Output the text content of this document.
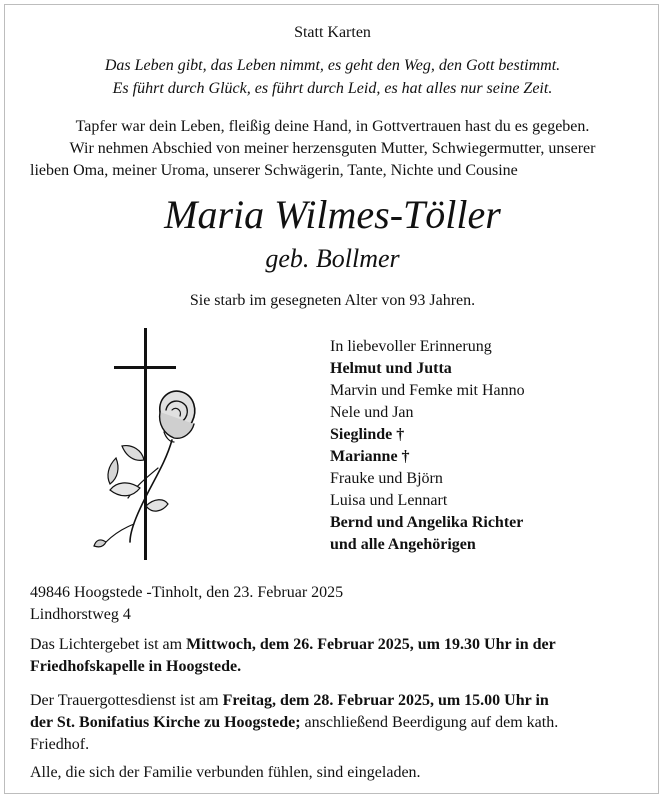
Statt Karten
Das Leben gibt, das Leben nimmt, es geht den Weg, den Gott bestimmt.
Es führt durch Glück, es führt durch Leid, es hat alles nur seine Zeit.
Tapfer war dein Leben, fleißig deine Hand, in Gottvertrauen hast du es gegeben.
Wir nehmen Abschied von meiner herzensguten Mutter, Schwiegermutter, unserer
lieben Oma, meiner Uroma, unserer Schwägerin, Tante, Nichte und Cousine
Maria Wilmes-Töller
geb. Bollmer
Sie starb im gesegneten Alter von 93 Jahren.
In liebevoller Erinnerung
Helmut und Jutta
Marvin und Femke mit Hanno
Nele und Jan
Sieglinde †
Marianne †
Frauke und Björn
Luisa und Lennart
Bernd und Angelika Richter
und alle Angehörigen
49846 Hoogstede -Tinholt, den 23. Februar 2025
Lindhorstweg 4
Das Lichtergebet ist am Mittwoch, dem 26. Februar 2025, um 19.30 Uhr in der
Friedhofskapelle in Hoogstede.
Der Trauergottesdienst ist am Freitag, dem 28. Februar 2025, um 15.00 Uhr in
der St. Bonifatius Kirche zu Hoogstede; anschließend Beerdigung auf dem kath.
Friedhof.
Alle, die sich der Familie verbunden fühlen, sind eingeladen.
